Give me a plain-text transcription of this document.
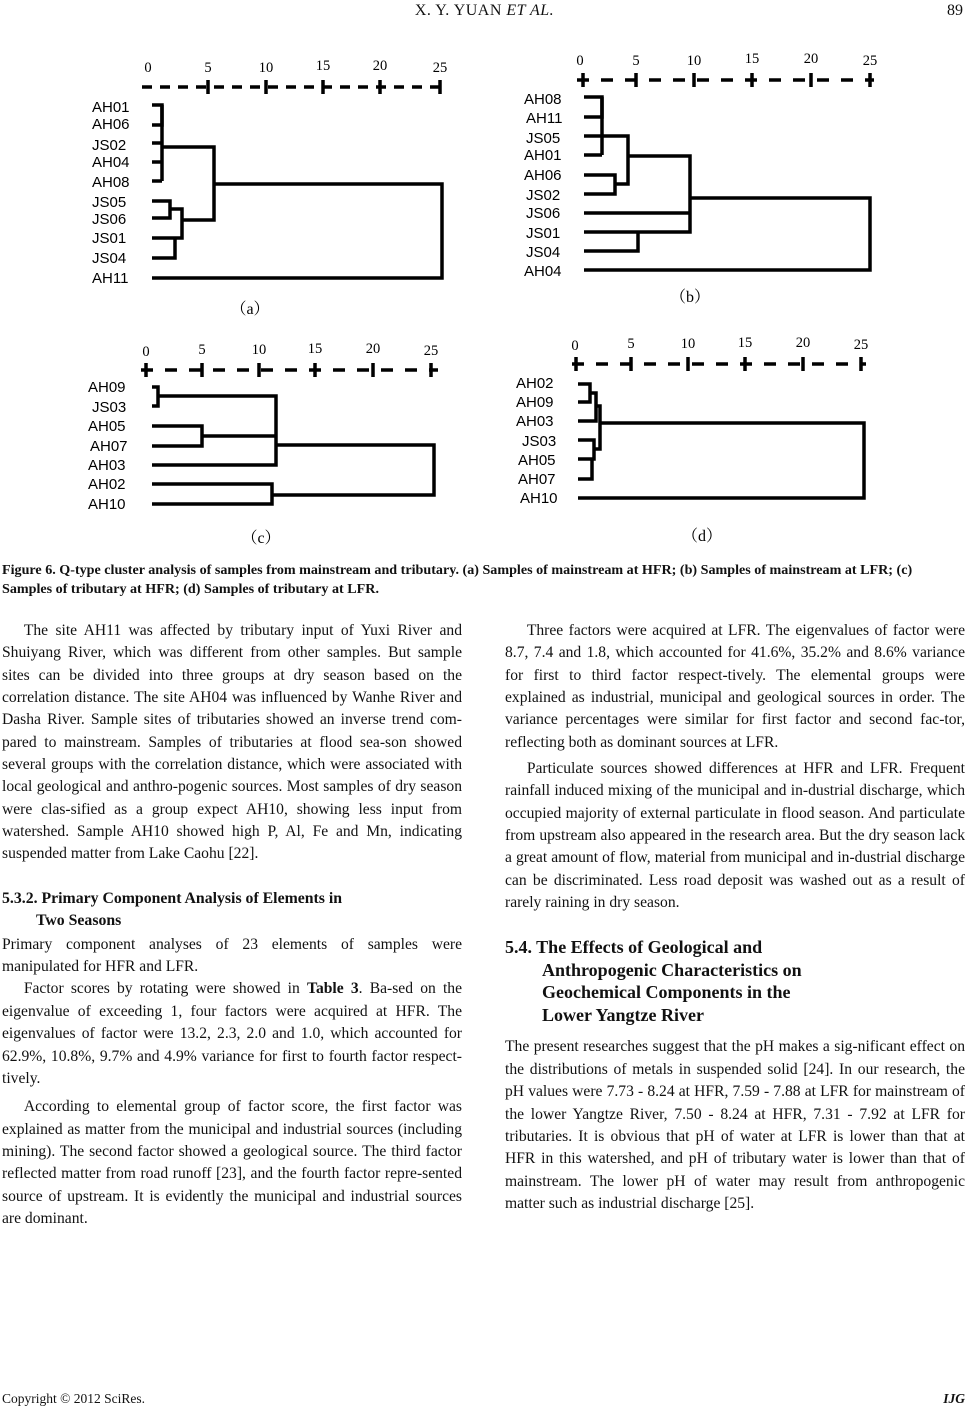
X. Y. YUAN ET AL.	89
0	5	10	15	20	25
AH01
AH06
JS02
AH04
AH08
JS05
JS06
JS01
JS04
AH11
（a）
0	5	10	15	20	25
AH08
AH11
JS05
AH01
AH06
JS02
JS06
JS01
JS04
AH04
（b）
0	5	10	15	20	25
AH09
JS03
AH05
AH07
AH03
AH02
AH10
（c）
0	5	10	15	20	25
AH02
AH09
AH03
JS03
AH05
AH07
AH10
（d）
Figure 6. Q-type cluster analysis of samples from mainstream and tributary. (a) Samples of mainstream at HFR; (b) Samples of mainstream at LFR; (c) Samples of tributary at HFR; (d) Samples of tributary at LFR.

The site AH11 was affected by tributary input of Yuxi River and Shuiyang River, which was different from other samples. But sample sites can be divided into three groups at dry season based on the correlation distance. The site AH04 was influenced by Wanhe River and Dasha River. Sample sites of tributaries showed an inverse trend com-pared to mainstream. Samples of tributaries at flood sea-son showed several groups with the correlation distance, which were associated with local geological and anthro-pogenic sources. Most samples of dry season were clas-sified as a group expect AH10, showing less input from watershed. Sample AH10 showed high P, Al, Fe and Mn, indicating suspended matter from Lake Caohu [22].

5.3.2. Primary Component Analysis of Elements in
Two Seasons

Primary component analyses of 23 elements of samples were manipulated for HFR and LFR.

Factor scores by rotating were showed in Table 3. Ba-sed on the eigenvalue of exceeding 1, four factors were acquired at HFR. The eigenvalues of factor were 13.2, 2.3, 2.0 and 1.0, which accounted for 62.9%, 10.8%, 9.7% and 4.9% variance for first to fourth factor respect-tively.

According to elemental group of factor score, the first factor was explained as matter from the municipal and industrial sources (including mining). The second factor showed a geological source. The third factor reflected matter from road runoff [23], and the fourth factor repre-sented source of upstream. It is evidently the municipal and industrial sources are dominant.

Three factors were acquired at LFR. The eigenvalues of factor were 8.7, 7.4 and 1.8, which accounted for 41.6%, 35.2% and 8.6% variance for first to third factor respect-tively. The elemental groups were explained as industrial, municipal and geological sources in order. The variance percentages were similar for first factor and second fac-tor, reflecting both as dominant sources at LFR.

Particulate sources showed differences at HFR and LFR. Frequent rainfall induced mixing of the municipal and in-dustrial discharge, which occupied majority of external particulate in flood season. And particulate from upstream also appeared in the research area. But the dry season lack a great amount of flow, material from municipal and in-dustrial discharge can be discriminated. Less road deposit was washed out as a result of rarely raining in dry season.

5.4. The Effects of Geological and
Anthropogenic Characteristics on
Geochemical Components in the
Lower Yangtze River

The present researches suggest that the pH makes a sig-nificant effect on the distributions of metals in suspended solid [24]. In our research, the pH values were 7.73 - 8.24 at HFR, 7.59 - 7.88 at LFR for mainstream of the lower Yangtze River, 7.50 - 8.24 at HFR, 7.31 - 7.92 at LFR for tributaries. It is obvious that pH of water at LFR is lower than that at HFR in this watershed, and pH of tributary water is lower than that of mainstream. The lower pH of water may result from anthropogenic matter such as industrial discharge [25].

Copyright © 2012 SciRes.	IJG
